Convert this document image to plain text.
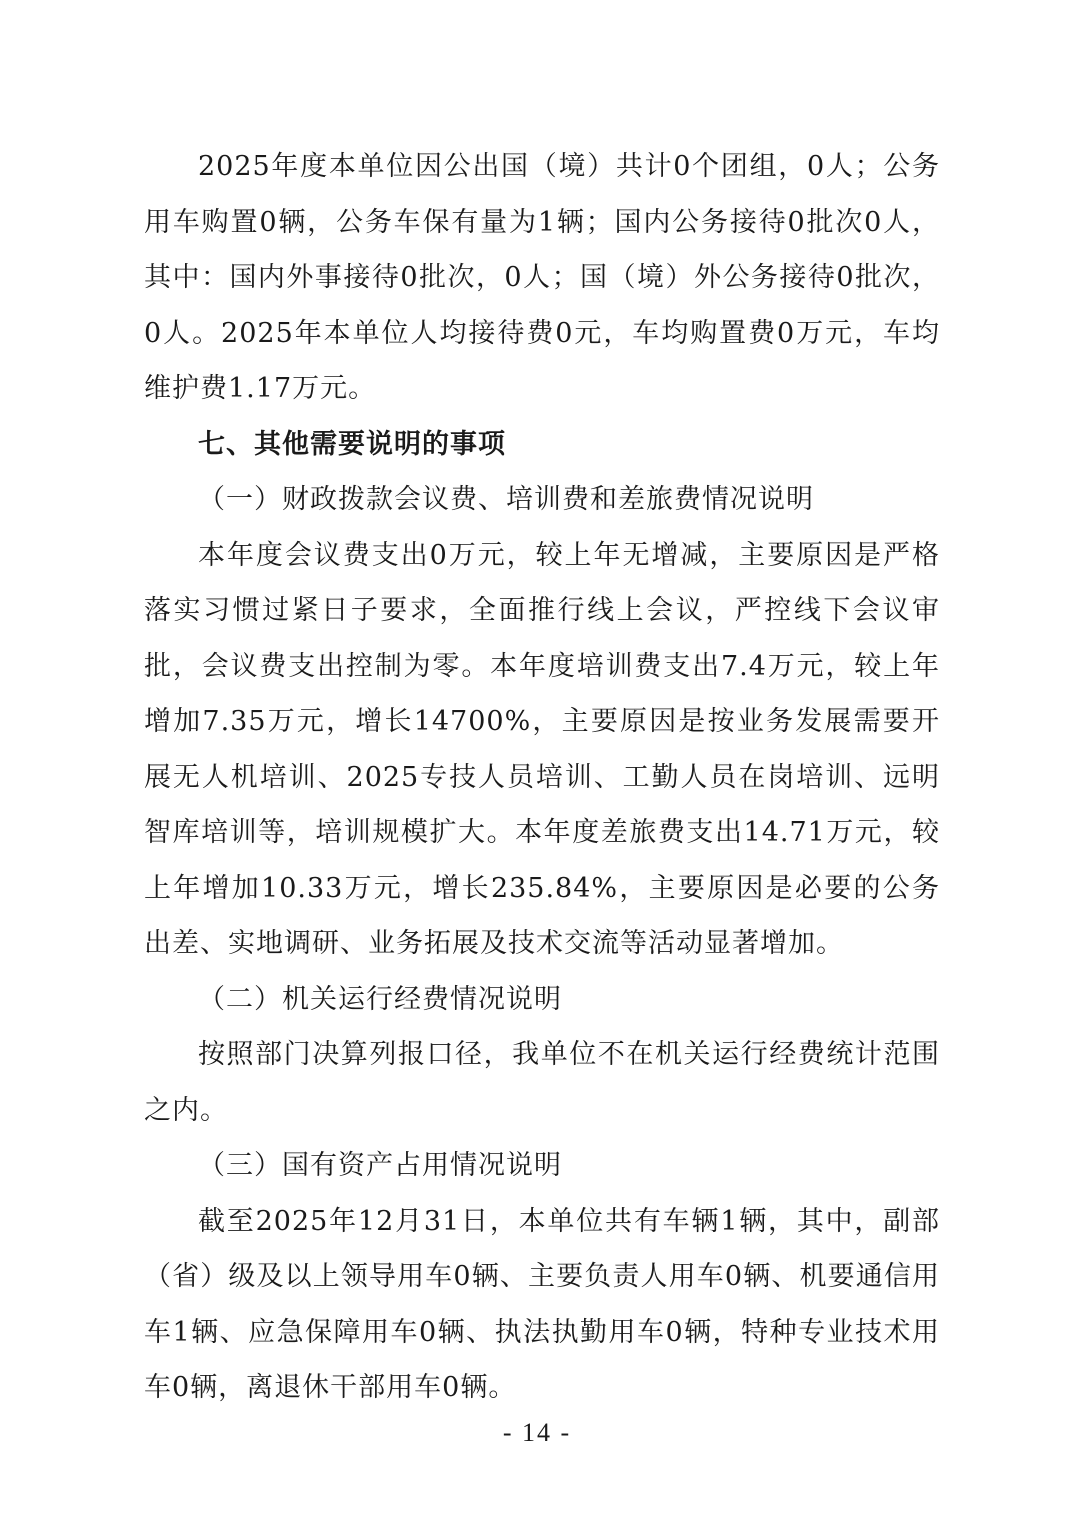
2025年度本单位因公出国（境）共计0个团组，0人；公务用车购置0辆，公务车保有量为1辆；国内公务接待0批次0人，其中：国内外事接待0批次，0人；国（境）外公务接待0批次，0人。2025年本单位人均接待费0元，车均购置费0万元，车均维护费1.17万元。

七、其他需要说明的事项

（一）财政拨款会议费、培训费和差旅费情况说明

本年度会议费支出0万元，较上年无增减，主要原因是严格落实习惯过紧日子要求，全面推行线上会议，严控线下会议审批，会议费支出控制为零。本年度培训费支出7.4万元，较上年增加7.35万元，增长14700%，主要原因是按业务发展需要开展无人机培训、2025专技人员培训、工勤人员在岗培训、远明智库培训等，培训规模扩大。本年度差旅费支出14.71万元，较上年增加10.33万元，增长235.84%，主要原因是必要的公务出差、实地调研、业务拓展及技术交流等活动显著增加。

（二）机关运行经费情况说明

按照部门决算列报口径，我单位不在机关运行经费统计范围之内。

（三）国有资产占用情况说明

截至2025年12月31日，本单位共有车辆1辆，其中，副部（省）级及以上领导用车0辆、主要负责人用车0辆、机要通信用车1辆、应急保障用车0辆、执法执勤用车0辆，特种专业技术用车0辆，离退休干部用车0辆。

- 14 -
